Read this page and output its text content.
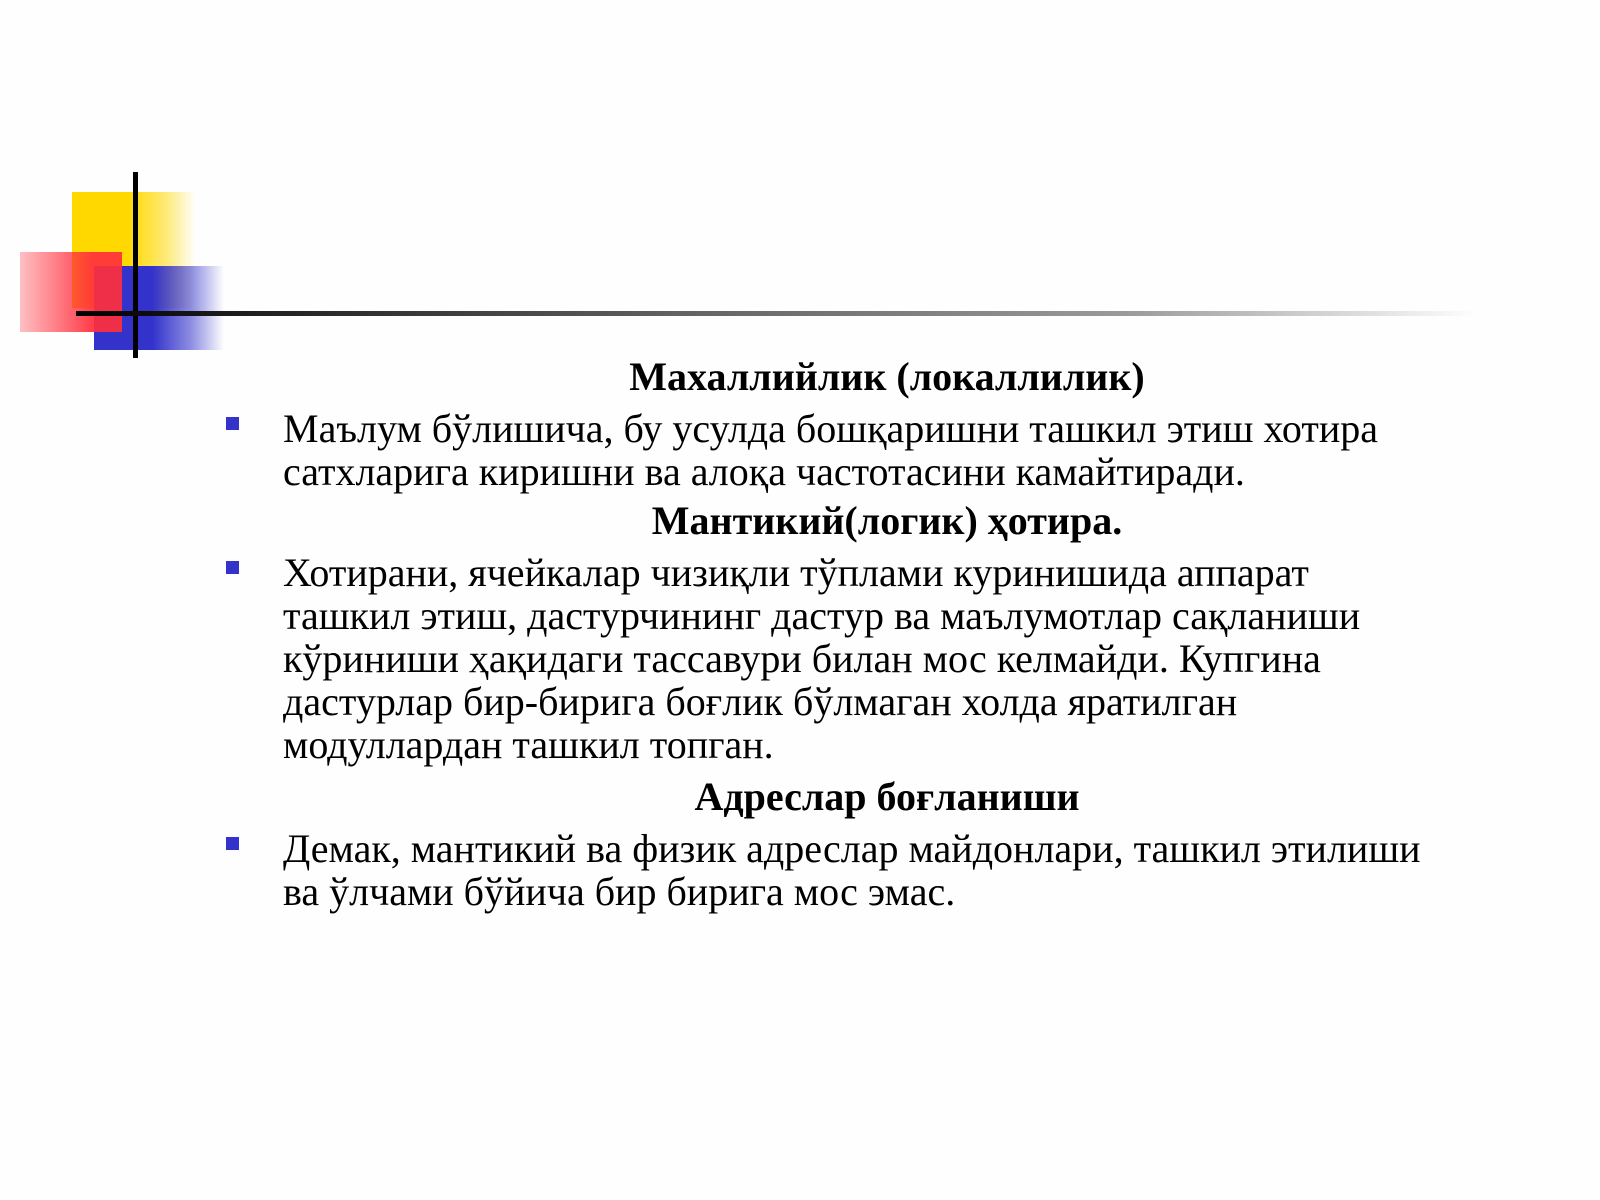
Махаллийлик (локаллилик)
Маълум бўлишича, бу усулда бошқаришни ташкил этиш хотира
сатхларига киришни ва алоқа частотасини камайтиради.
Мантикий(логик) ҳотира.
Хотирани, ячейкалар чизиқли тўплами куринишида аппарат
ташкил этиш, дастурчининг дастур ва маълумотлар сақланиши
кўриниши ҳақидаги тассавури билан мос келмайди. Купгина
дастурлар бир-бирига боғлик бўлмаган холда яратилган
модуллардан ташкил топган.
Адреслар боғланиши
Демак, мантикий ва физик адреслар майдонлари, ташкил этилиши
ва ўлчами бўйича бир бирига мос эмас.
